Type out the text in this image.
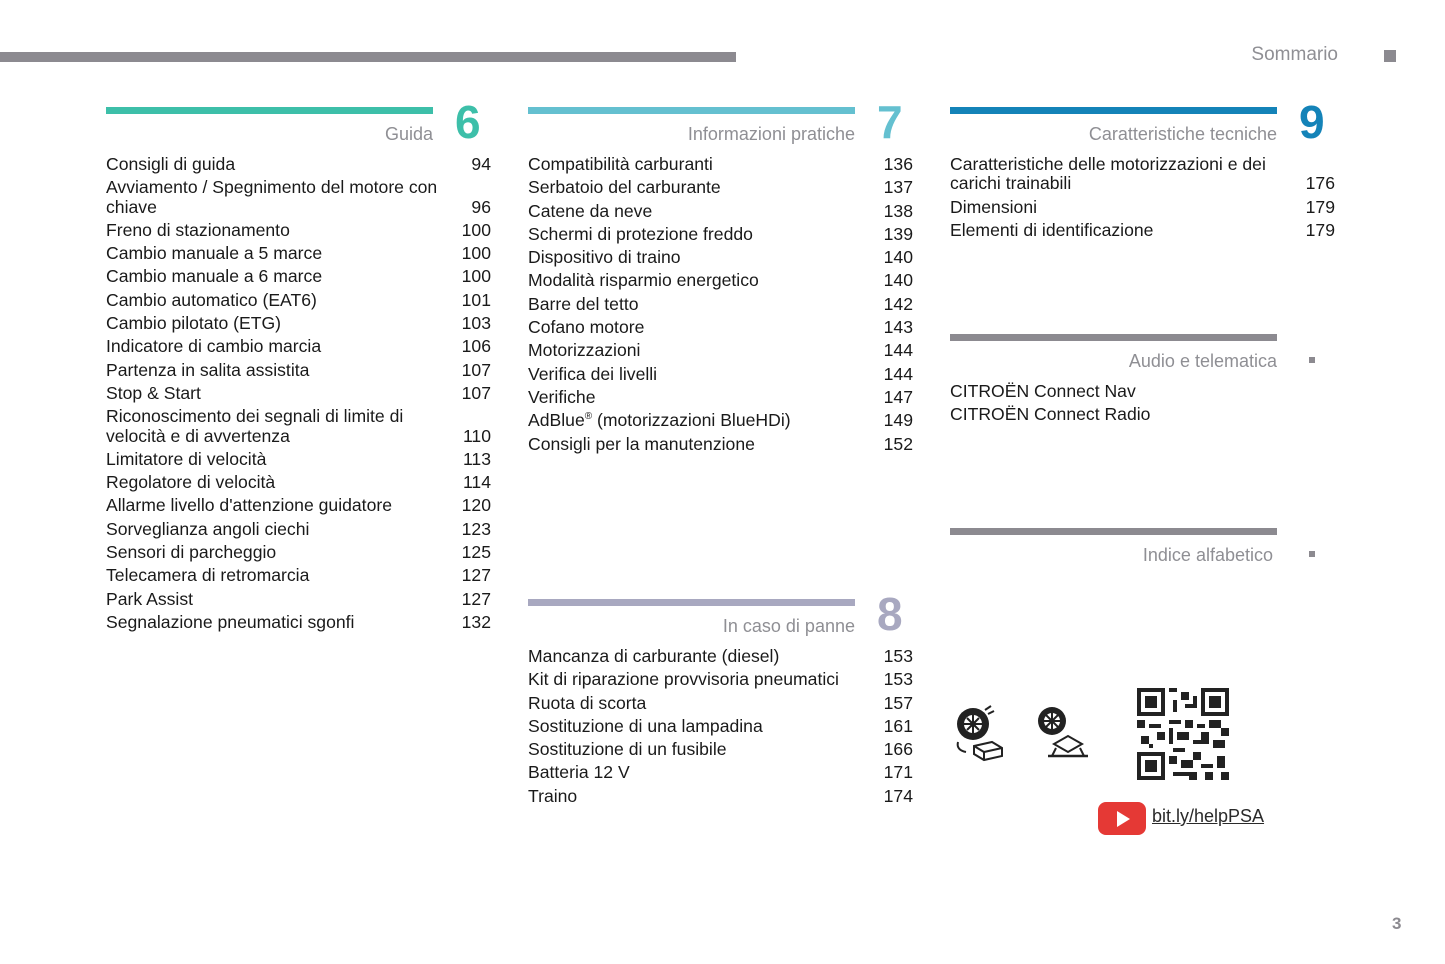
Sommario
Guida 6
Consigli di guida	94
Avviamento / Spegnimento del motore con chiave	96
Freno di stazionamento	100
Cambio manuale a 5 marce	100
Cambio manuale a 6 marce	100
Cambio automatico (EAT6)	101
Cambio pilotato (ETG)	103
Indicatore di cambio marcia	106
Partenza in salita assistita	107
Stop & Start	107
Riconoscimento dei segnali di limite di velocità e di avvertenza	110
Limitatore di velocità	113
Regolatore di velocità	114
Allarme livello d'attenzione guidatore	120
Sorveglianza angoli ciechi	123
Sensori di parcheggio	125
Telecamera di retromarcia	127
Park Assist	127
Segnalazione pneumatici sgonfi	132
Informazioni pratiche 7
Compatibilità carburanti	136
Serbatoio del carburante	137
Catene da neve	138
Schermi di protezione freddo	139
Dispositivo di traino	140
Modalità risparmio energetico	140
Barre del tetto	142
Cofano motore	143
Motorizzazioni	144
Verifica dei livelli	144
Verifiche	147
AdBlue® (motorizzazioni BlueHDi)	149
Consigli per la manutenzione	152
In caso di panne 8
Mancanza di carburante (diesel)	153
Kit di riparazione provvisoria pneumatici	153
Ruota di scorta	157
Sostituzione di una lampadina	161
Sostituzione di un fusibile	166
Batteria 12 V	171
Traino	174
Caratteristiche tecniche 9
Caratteristiche delle motorizzazioni e dei carichi trainabili	176
Dimensioni	179
Elementi di identificazione	179
Audio e telematica
CITROËN Connect Nav
CITROËN Connect Radio
Indice alfabetico
bit.ly/helpPSA
3
